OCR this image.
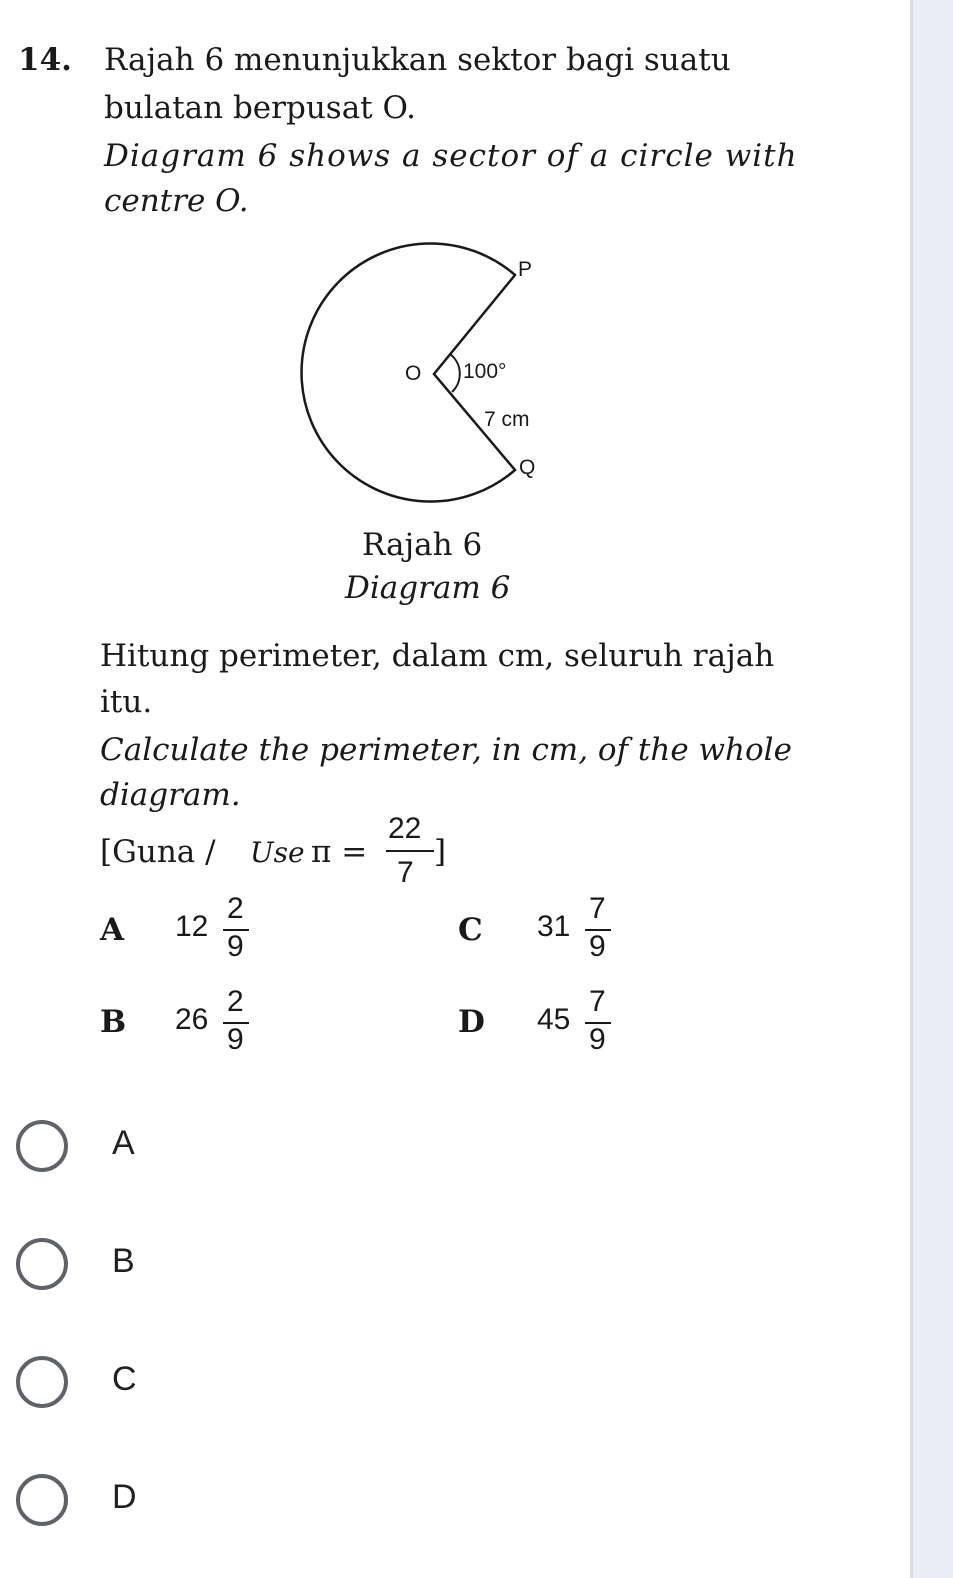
14. Rajah 6 menunjukkan sektor bagi suatu
bulatan berpusat O.
Diagram 6 shows a sector of a circle with
centre O.
P
O
Q
100°
7 cm
Rajah 6
Diagram 6
Hitung perimeter, dalam cm, seluruh rajah
itu.
Calculate the perimeter, in cm, of the whole
diagram.
[Guna / Use π =
22
7
]
A 12
2
9
B 26
2
9
C 31
7
9
D 45
7
9
A
B
C
D
